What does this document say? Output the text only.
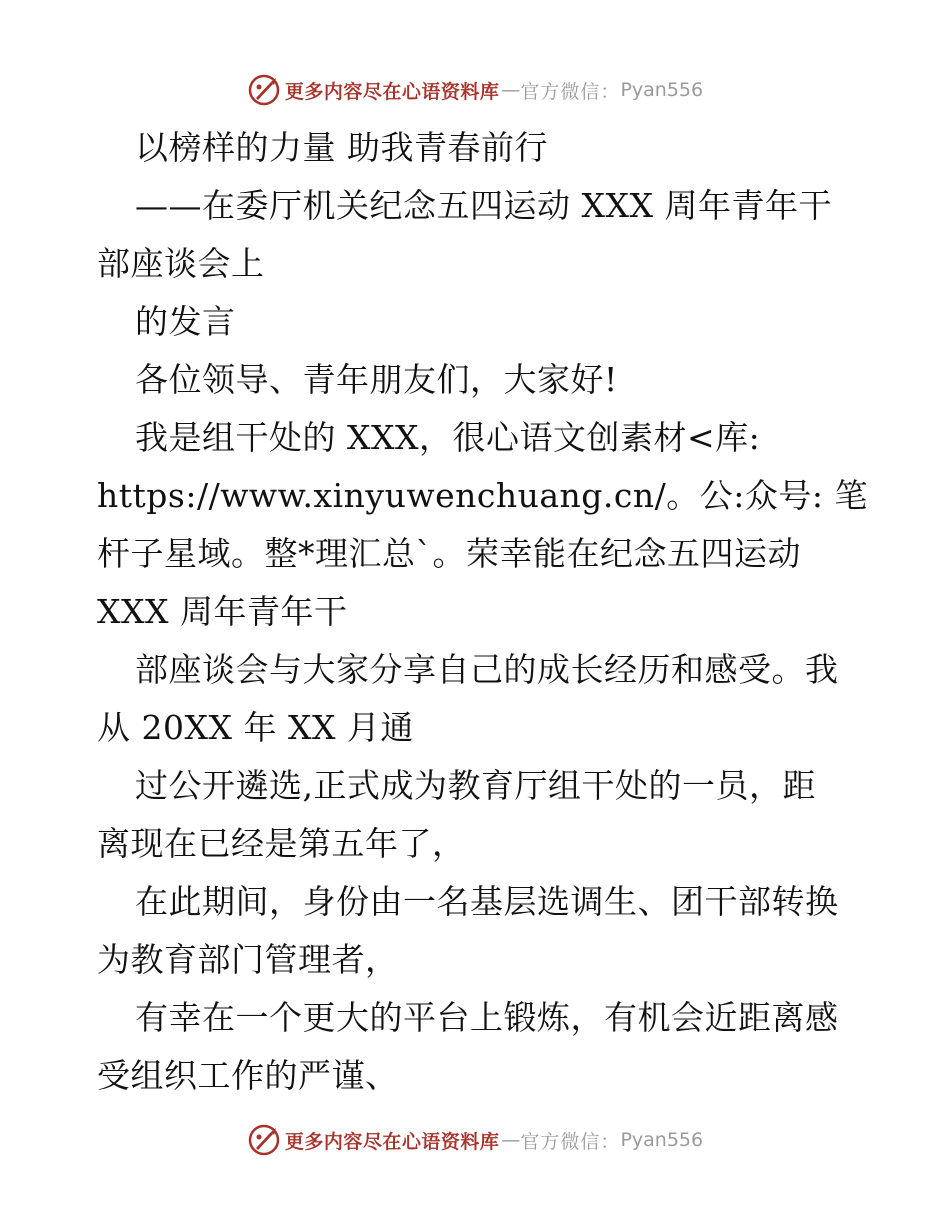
更多内容尽在心语资料库 — 官方微信： Pyan556
以榜样的力量 助我青春前行
——在委厅机关纪念五四运动 XXX 周年青年干
部座谈会上
的发言
各位领导、青年朋友们，大家好!
我是组干处的 XXX，很心语文创素材<库:
https://www.xinyuwenchuang.cn/。公:众号: 笔
杆子星域。整*理汇总`。荣幸能在纪念五四运动
XXX 周年青年干
部座谈会与大家分享自己的成长经历和感受。我
从 20XX 年 XX 月通
过公开遴选,正式成为教育厅组干处的一员，距
离现在已经是第五年了，
在此期间，身份由一名基层选调生、团干部转换
为教育部门管理者，
有幸在一个更大的平台上锻炼，有机会近距离感
受组织工作的严谨、
更多内容尽在心语资料库 — 官方微信： Pyan556
